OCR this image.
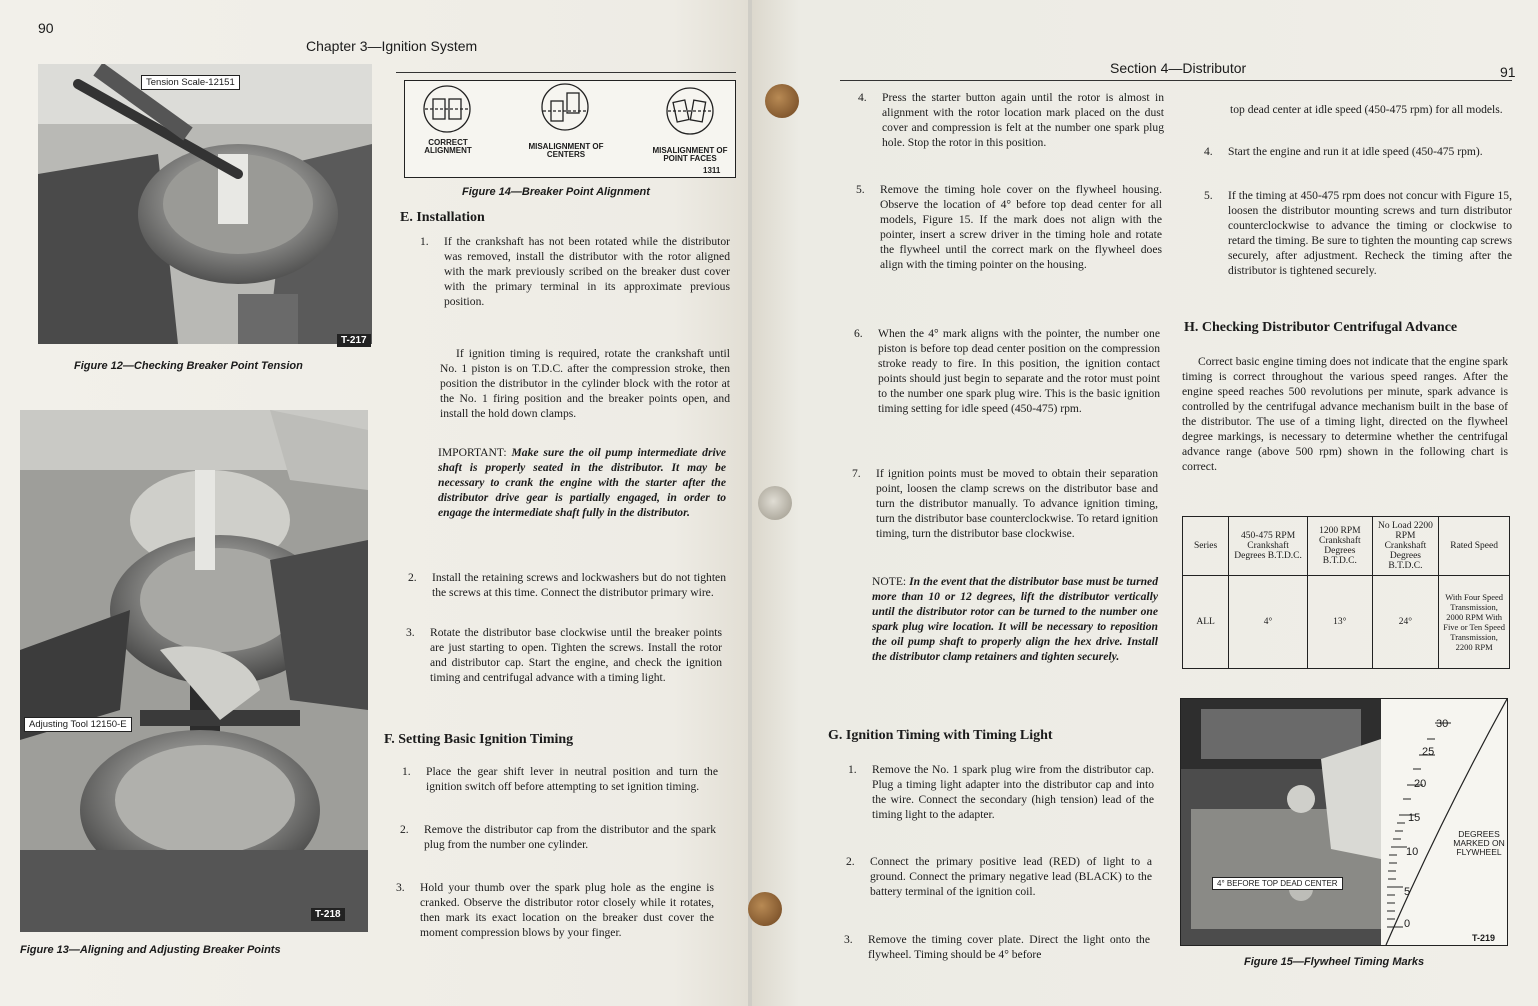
90
Chapter 3—Ignition System
Tension Scale-12151
T-217
Figure 12—Checking Breaker Point Tension
Adjusting Tool 12150-E
T-218
Figure 13—Aligning and Adjusting Breaker Points
CORRECT ALIGNMENT	MISALIGNMENT OF CENTERS	MISALIGNMENT OF POINT FACES
1311
Figure 14—Breaker Point Alignment
E. Installation
1. If the crankshaft has not been rotated while the distributor was removed, install the distributor with the rotor aligned with the mark previously scribed on the breaker dust cover with the primary terminal in its approximate previous position.
If ignition timing is required, rotate the crankshaft until No. 1 piston is on T.D.C. after the compression stroke, then position the distributor in the cylinder block with the rotor at the No. 1 firing position and the breaker points open, and install the hold down clamps.
IMPORTANT: Make sure the oil pump intermediate drive shaft is properly seated in the distributor. It may be necessary to crank the engine with the starter after the distributor drive gear is partially engaged, in order to engage the intermediate shaft fully in the distributor.
2. Install the retaining screws and lockwashers but do not tighten the screws at this time. Connect the distributor primary wire.
3. Rotate the distributor base clockwise until the breaker points are just starting to open. Tighten the screws. Install the rotor and distributor cap. Start the engine, and check the ignition timing and centrifugal advance with a timing light.
F. Setting Basic Ignition Timing
1. Place the gear shift lever in neutral position and turn the ignition switch off before attempting to set ignition timing.
2. Remove the distributor cap from the distributor and the spark plug from the number one cylinder.
3. Hold your thumb over the spark plug hole as the engine is cranked. Observe the distributor rotor closely while it rotates, then mark its exact location on the breaker dust cover the moment compression blows by your finger.
Section 4—Distributor	91
4. Press the starter button again until the rotor is almost in alignment with the rotor location mark placed on the dust cover and compression is felt at the number one spark plug hole. Stop the rotor in this position.
5. Remove the timing hole cover on the flywheel housing. Observe the location of 4° before top dead center for all models, Figure 15. If the mark does not align with the pointer, insert a screw driver in the timing hole and rotate the flywheel until the correct mark on the flywheel does align with the timing pointer on the housing.
6. When the 4° mark aligns with the pointer, the number one piston is before top dead center position on the compression stroke ready to fire. In this position, the ignition contact points should just begin to separate and the rotor must point to the number one spark plug wire. This is the basic ignition timing setting for idle speed (450-475) rpm.
7. If ignition points must be moved to obtain their separation point, loosen the clamp screws on the distributor base and turn the distributor manually. To advance ignition timing, turn the distributor base counterclockwise. To retard ignition timing, turn the distributor base clockwise.
NOTE: In the event that the distributor base must be turned more than 10 or 12 degrees, lift the distributor vertically until the distributor rotor can be turned to the number one spark plug wire location. It will be necessary to reposition the oil pump shaft to properly align the hex drive. Install the distributor clamp retainers and tighten securely.
G. Ignition Timing with Timing Light
1. Remove the No. 1 spark plug wire from the distributor cap. Plug a timing light adapter into the distributor cap and into the wire. Connect the secondary (high tension) lead of the timing light to the adapter.
2. Connect the primary positive lead (RED) of light to a ground. Connect the primary negative lead (BLACK) to the battery terminal of the ignition coil.
3. Remove the timing cover plate. Direct the light onto the flywheel. Timing should be 4° before
top dead center at idle speed (450-475 rpm) for all models.
4. Start the engine and run it at idle speed (450-475 rpm).
5. If the timing at 450-475 rpm does not concur with Figure 15, loosen the distributor mounting screws and turn distributor counterclockwise to advance the timing or clockwise to retard the timing. Be sure to tighten the mounting cap screws securely, after adjustment. Recheck the timing after the distributor is tightened securely.
H. Checking Distributor Centrifugal Advance
Correct basic engine timing does not indicate that the engine spark timing is correct throughout the various speed ranges. After the engine speed reaches 500 revolutions per minute, spark advance is controlled by the centrifugal advance mechanism built in the base of the distributor. The use of a timing light, directed on the flywheel degree markings, is necessary to determine whether the centrifugal advance range (above 500 rpm) shown in the following chart is correct.
Series	450-475 RPM Crankshaft Degrees B.T.D.C.	1200 RPM Crankshaft Degrees B.T.D.C.	No Load 2200 RPM Crankshaft Degrees B.T.D.C.	Rated Speed
ALL	4°	13°	24°	With Four Speed Transmission, 2000 RPM With Five or Ten Speed Transmission, 2200 RPM
30
25
20
15
10
5
0
DEGREES MARKED ON FLYWHEEL
4° BEFORE TOP DEAD CENTER
T-219
Figure 15—Flywheel Timing Marks
